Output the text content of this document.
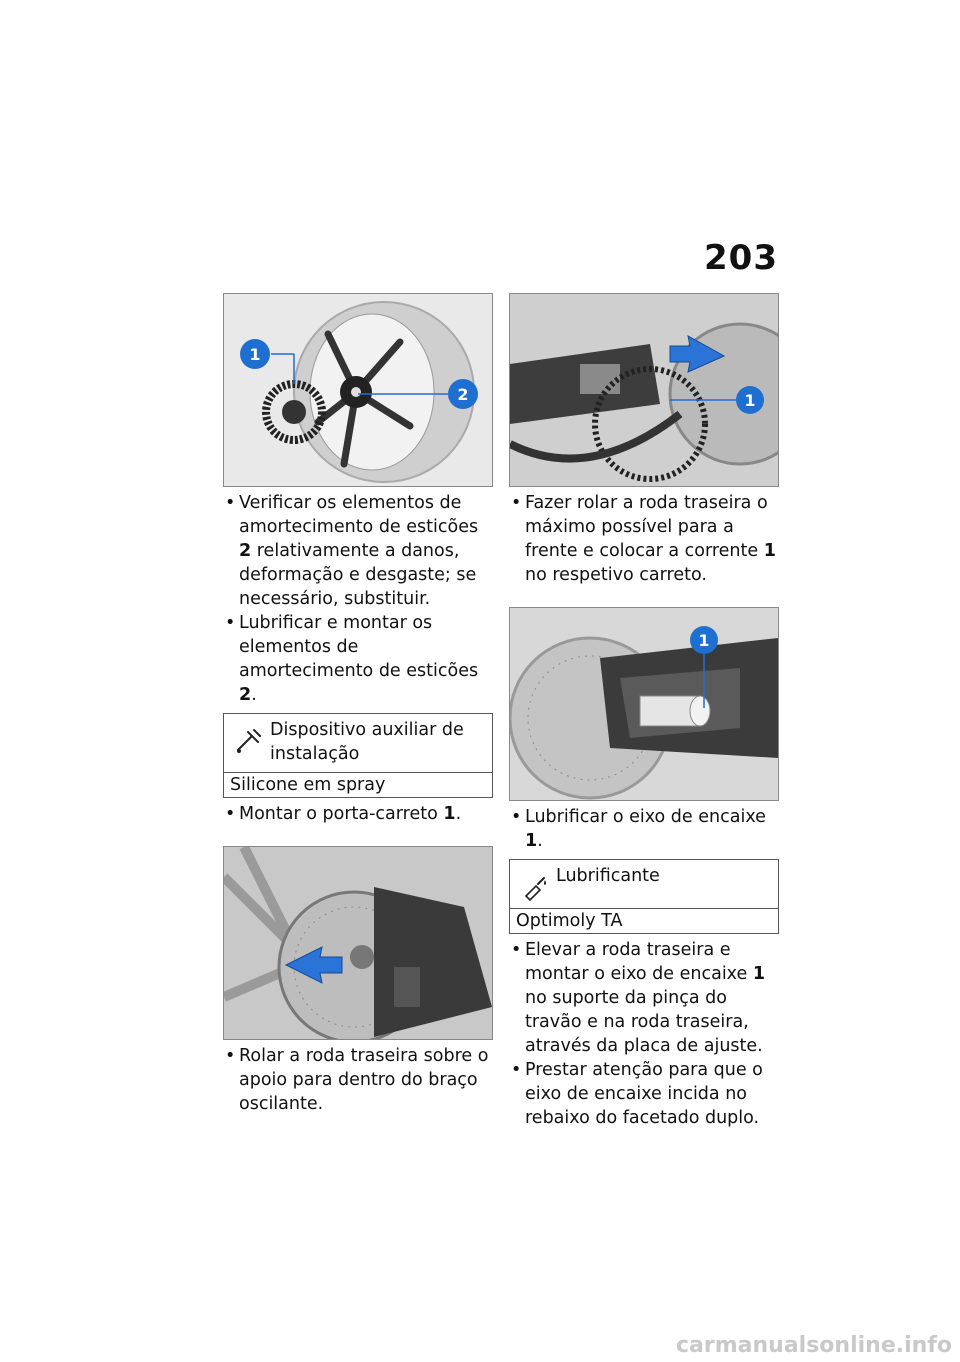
203
1
2
• Verificar os elementos de amortecimento de esticões 2 relativamente a danos, deformação e desgaste; se necessário, substituir.
• Lubrificar e montar os elementos de amortecimento de esticões 2.
Dispositivo auxiliar de instalação
Silicone em spray
• Montar o porta-carreto 1.
• Rolar a roda traseira sobre o apoio para dentro do braço oscilante.
1
• Fazer rolar a roda traseira o máximo possível para a frente e colocar a corrente 1 no respetivo carreto.
1
• Lubrificar o eixo de encaixe 1.
Lubrificante
Optimoly TA
• Elevar a roda traseira e montar o eixo de encaixe 1 no suporte da pinça do travão e na roda traseira, através da placa de ajuste.
• Prestar atenção para que o eixo de encaixe incida no rebaixo do facetado duplo.
carmanualsonline.info
